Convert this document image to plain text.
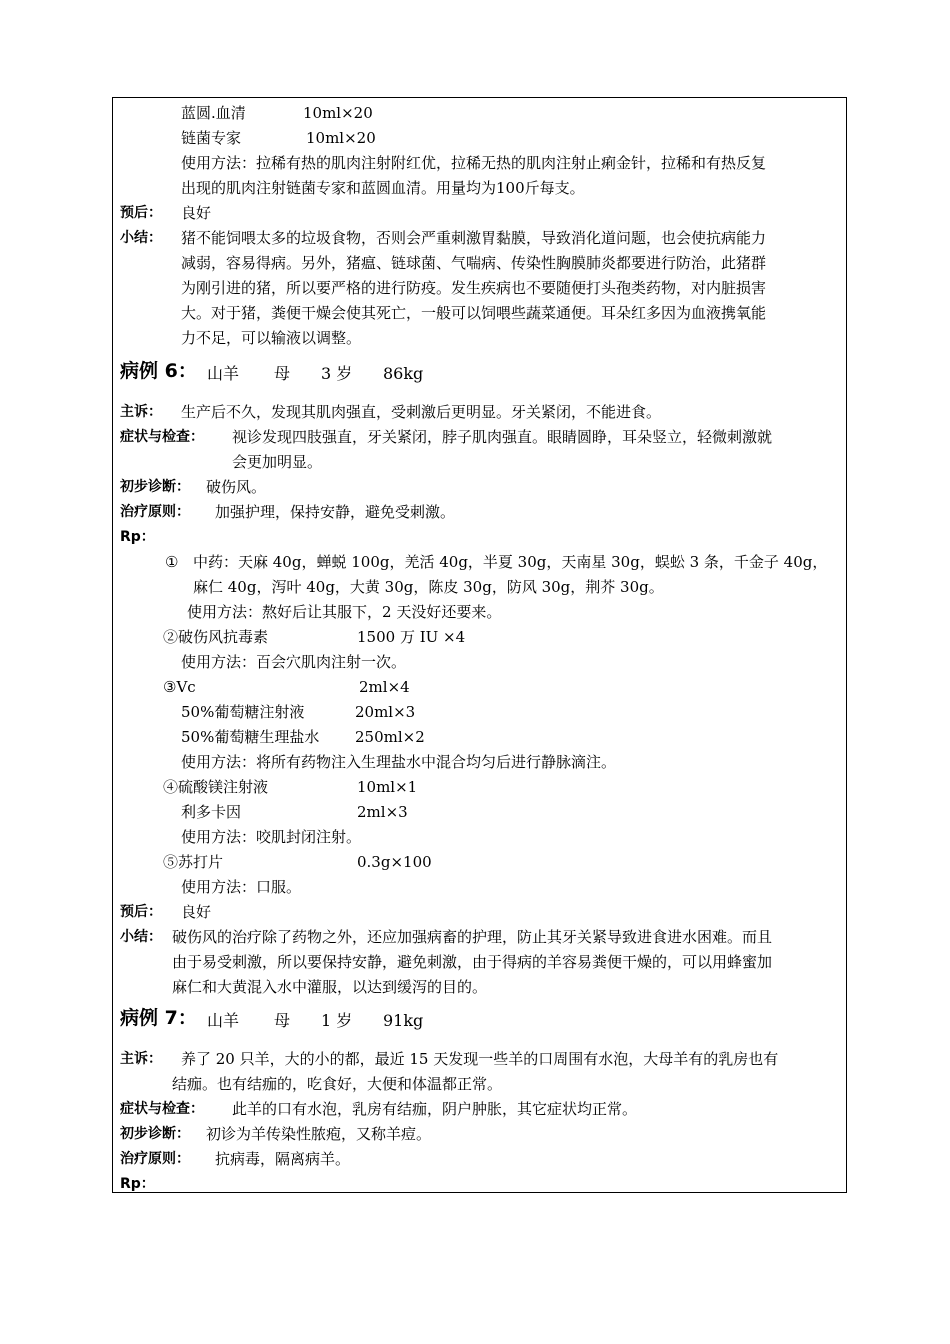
蓝圆.血清	10ml×20
链菌专家	10ml×20
使用方法：拉稀有热的肌肉注射附红优，拉稀无热的肌肉注射止痢金针，拉稀和有热反复
出现的肌肉注射链菌专家和蓝圆血清。用量均为100斤每支。
预后： 良好
小结： 猪不能饲喂太多的垃圾食物，否则会严重刺激胃黏膜，导致消化道问题，也会使抗病能力
减弱，容易得病。另外，猪瘟、链球菌、气喘病、传染性胸膜肺炎都要进行防治，此猪群
为刚引进的猪，所以要严格的进行防疫。发生疾病也不要随便打头孢类药物，对内脏损害
大。对于猪，粪便干燥会使其死亡，一般可以饲喂些蔬菜通便。耳朵红多因为血液携氧能
力不足，可以输液以调整。
病例 6： 山羊 母 3 岁 86kg
主诉： 生产后不久，发现其肌肉强直，受刺激后更明显。牙关紧闭，不能进食。
症状与检查： 视诊发现四肢强直，牙关紧闭，脖子肌肉强直。眼睛圆睁，耳朵竖立，轻微刺激就
会更加明显。
初步诊断： 破伤风。
治疗原则： 加强护理，保持安静，避免受刺激。
Rp：
① 中药：天麻 40g，蝉蜕 100g，羌活 40g，半夏 30g，天南星 30g，蜈蚣 3 条，千金子 40g，
麻仁 40g，泻叶 40g，大黄 30g，陈皮 30g，防风 30g，荆芥 30g。
使用方法：熬好后让其服下，2 天没好还要来。
②破伤风抗毒素	1500 万 IU ×4
使用方法：百会穴肌肉注射一次。
③Vc	2ml×4
50%葡萄糖注射液	20ml×3
50%葡萄糖生理盐水 250ml×2
使用方法：将所有药物注入生理盐水中混合均匀后进行静脉滴注。
④硫酸镁注射液	10ml×1
利多卡因	2ml×3
使用方法：咬肌封闭注射。
⑤苏打片	0.3g×100
使用方法：口服。
预后： 良好
小结： 破伤风的治疗除了药物之外，还应加强病畜的护理，防止其牙关紧导致进食进水困难。而且
由于易受刺激，所以要保持安静，避免刺激，由于得病的羊容易粪便干燥的，可以用蜂蜜加
麻仁和大黄混入水中灌服，以达到缓泻的目的。
病例 7： 山羊 母 1 岁 91kg
主诉： 养了 20 只羊，大的小的都，最近 15 天发现一些羊的口周围有水泡，大母羊有的乳房也有
结痂。也有结痂的，吃食好，大便和体温都正常。
症状与检查： 此羊的口有水泡，乳房有结痂，阴户肿胀，其它症状均正常。
初步诊断： 初诊为羊传染性脓疱，又称羊痘。
治疗原则： 抗病毒，隔离病羊。
Rp：
